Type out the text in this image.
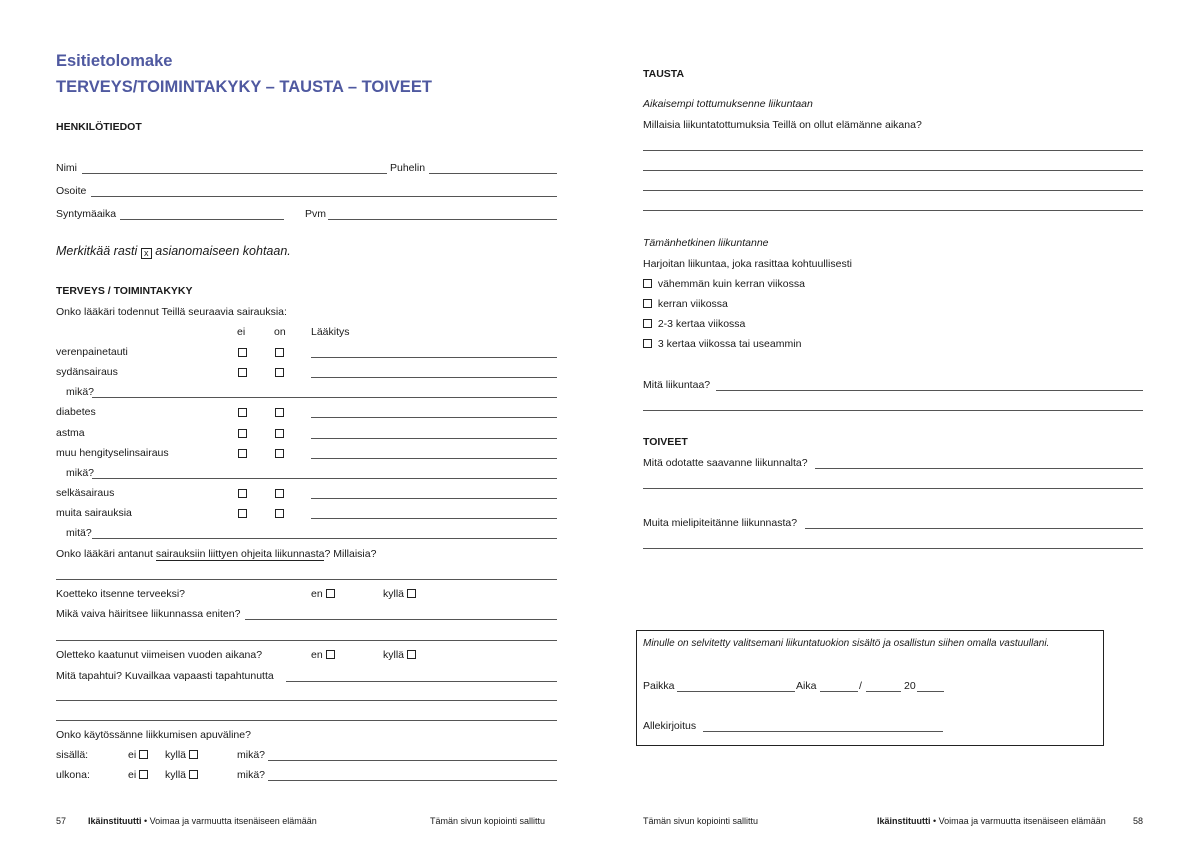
Esitietolomake
TERVEYS/TOIMINTAKYKY – TAUSTA – TOIVEET
HENKILÖTIEDOT
Nimi	Puhelin
Osoite
Syntymäaika	Pvm
Merkitkää rasti x asianomaiseen kohtaan.
TERVEYS / TOIMINTAKYKY
Onko lääkäri todennut Teillä seuraavia sairauksia:
ei	on Lääkitys
verenpainetauti
sydänsairaus
mikä?
diabetes
astma
muu hengityselinsairaus
mikä?
selkäsairaus
muita sairauksia
mitä?
Onko lääkäri antanut sairauksiin liittyen ohjeita liikunnasta? Millaisia?
Koetteko itsenne terveeksi?	en	kyllä
Mikä vaiva häiritsee liikunnassa eniten?
Oletteko kaatunut viimeisen vuoden aikana?	en	kyllä
Mitä tapahtui? Kuvailkaa vapaasti tapahtunutta
Onko käytössänne liikkumisen apuväline?
sisällä:	ei	kyllä	mikä?
ulkona:	ei	kyllä	mikä?
57 Ikäinstituutti • Voimaa ja varmuutta itsenäiseen elämään	Tämän sivun kopiointi sallittu
TAUSTA
Aikaisempi tottumuksenne liikuntaan
Millaisia liikuntatottumuksia Teillä on ollut elämänne aikana?
Tämänhetkinen liikuntanne
Harjoitan liikuntaa, joka rasittaa kohtuullisesti
vähemmän kuin kerran viikossa
kerran viikossa
2-3 kertaa viikossa
3 kertaa viikossa tai useammin
Mitä liikuntaa?
TOIVEET
Mitä odotatte saavanne liikunnalta?
Muita mielipiteitänne liikunnasta?
Minulle on selvitetty valitsemani liikuntatuokion sisältö ja osallistun siihen omalla vastuullani.
Paikka	Aika	/	20
Allekirjoitus
Tämän sivun kopiointi sallittu	Ikäinstituutti • Voimaa ja varmuutta itsenäiseen elämään	58
